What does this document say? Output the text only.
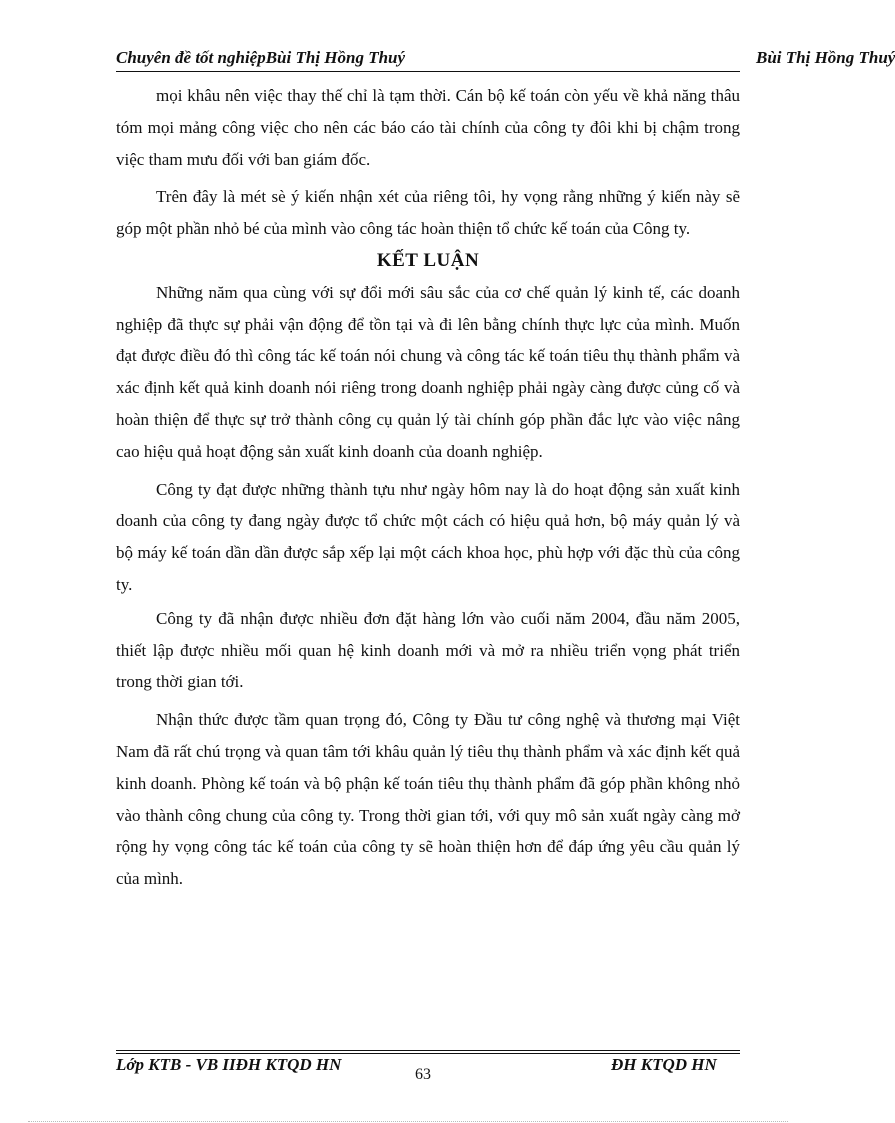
Chuyên đề tốt nghiệpBùi Thị Hồng Thuý	Bùi Thị Hồng Thuý

mọi khâu nên việc thay thế chỉ là tạm thời. Cán bộ kế toán còn yếu về khả năng thâu tóm mọi mảng công việc cho nên các báo cáo tài chính của công ty đôi khi bị chậm trong việc tham mưu đối với ban giám đốc.

Trên đây là mét sè ý kiến nhận xét của riêng tôi, hy vọng rằng những ý kiến này sẽ góp một phần nhỏ bé của mình vào công tác hoàn thiện tổ chức kế toán của Công ty.

KẾT LUẬN

Những năm qua cùng với sự đổi mới sâu sắc của cơ chế quản lý kinh tế, các doanh nghiệp đã thực sự phải vận động để tồn tại và đi lên bằng chính thực lực của mình. Muốn đạt được điều đó thì công tác kế toán nói chung và công tác kế toán tiêu thụ thành phẩm và xác định kết quả kinh doanh nói riêng trong doanh nghiệp phải ngày càng được củng cố và hoàn thiện để thực sự trở thành công cụ quản lý tài chính góp phần đắc lực vào việc nâng cao hiệu quả hoạt động sản xuất kinh doanh của doanh nghiệp.

Công ty đạt được những thành tựu như ngày hôm nay là do hoạt động sản xuất kinh doanh của công ty đang ngày được tổ chức một cách có hiệu quả hơn, bộ máy quản lý và bộ máy kế toán dần dần được sắp xếp lại một cách khoa học, phù hợp với đặc thù của công ty.

Công ty đã nhận được nhiều đơn đặt hàng lớn vào cuối năm 2004, đầu năm 2005, thiết lập được nhiều mối quan hệ kinh doanh mới và mở ra nhiều triển vọng phát triển trong thời gian tới.

Nhận thức được tầm quan trọng đó, Công ty Đầu tư công nghệ và thương mại Việt Nam đã rất chú trọng và quan tâm tới khâu quản lý tiêu thụ thành phẩm và xác định kết quả kinh doanh. Phòng kế toán và bộ phận kế toán tiêu thụ thành phẩm đã góp phần không nhỏ vào thành công chung của công ty. Trong thời gian tới, với quy mô sản xuất ngày càng mở rộng hy vọng công tác kế toán của công ty sẽ hoàn thiện hơn để đáp ứng yêu cầu quản lý của mình.

Lớp KTB - VB IIĐH KTQD HN	ĐH KTQD HN
63
